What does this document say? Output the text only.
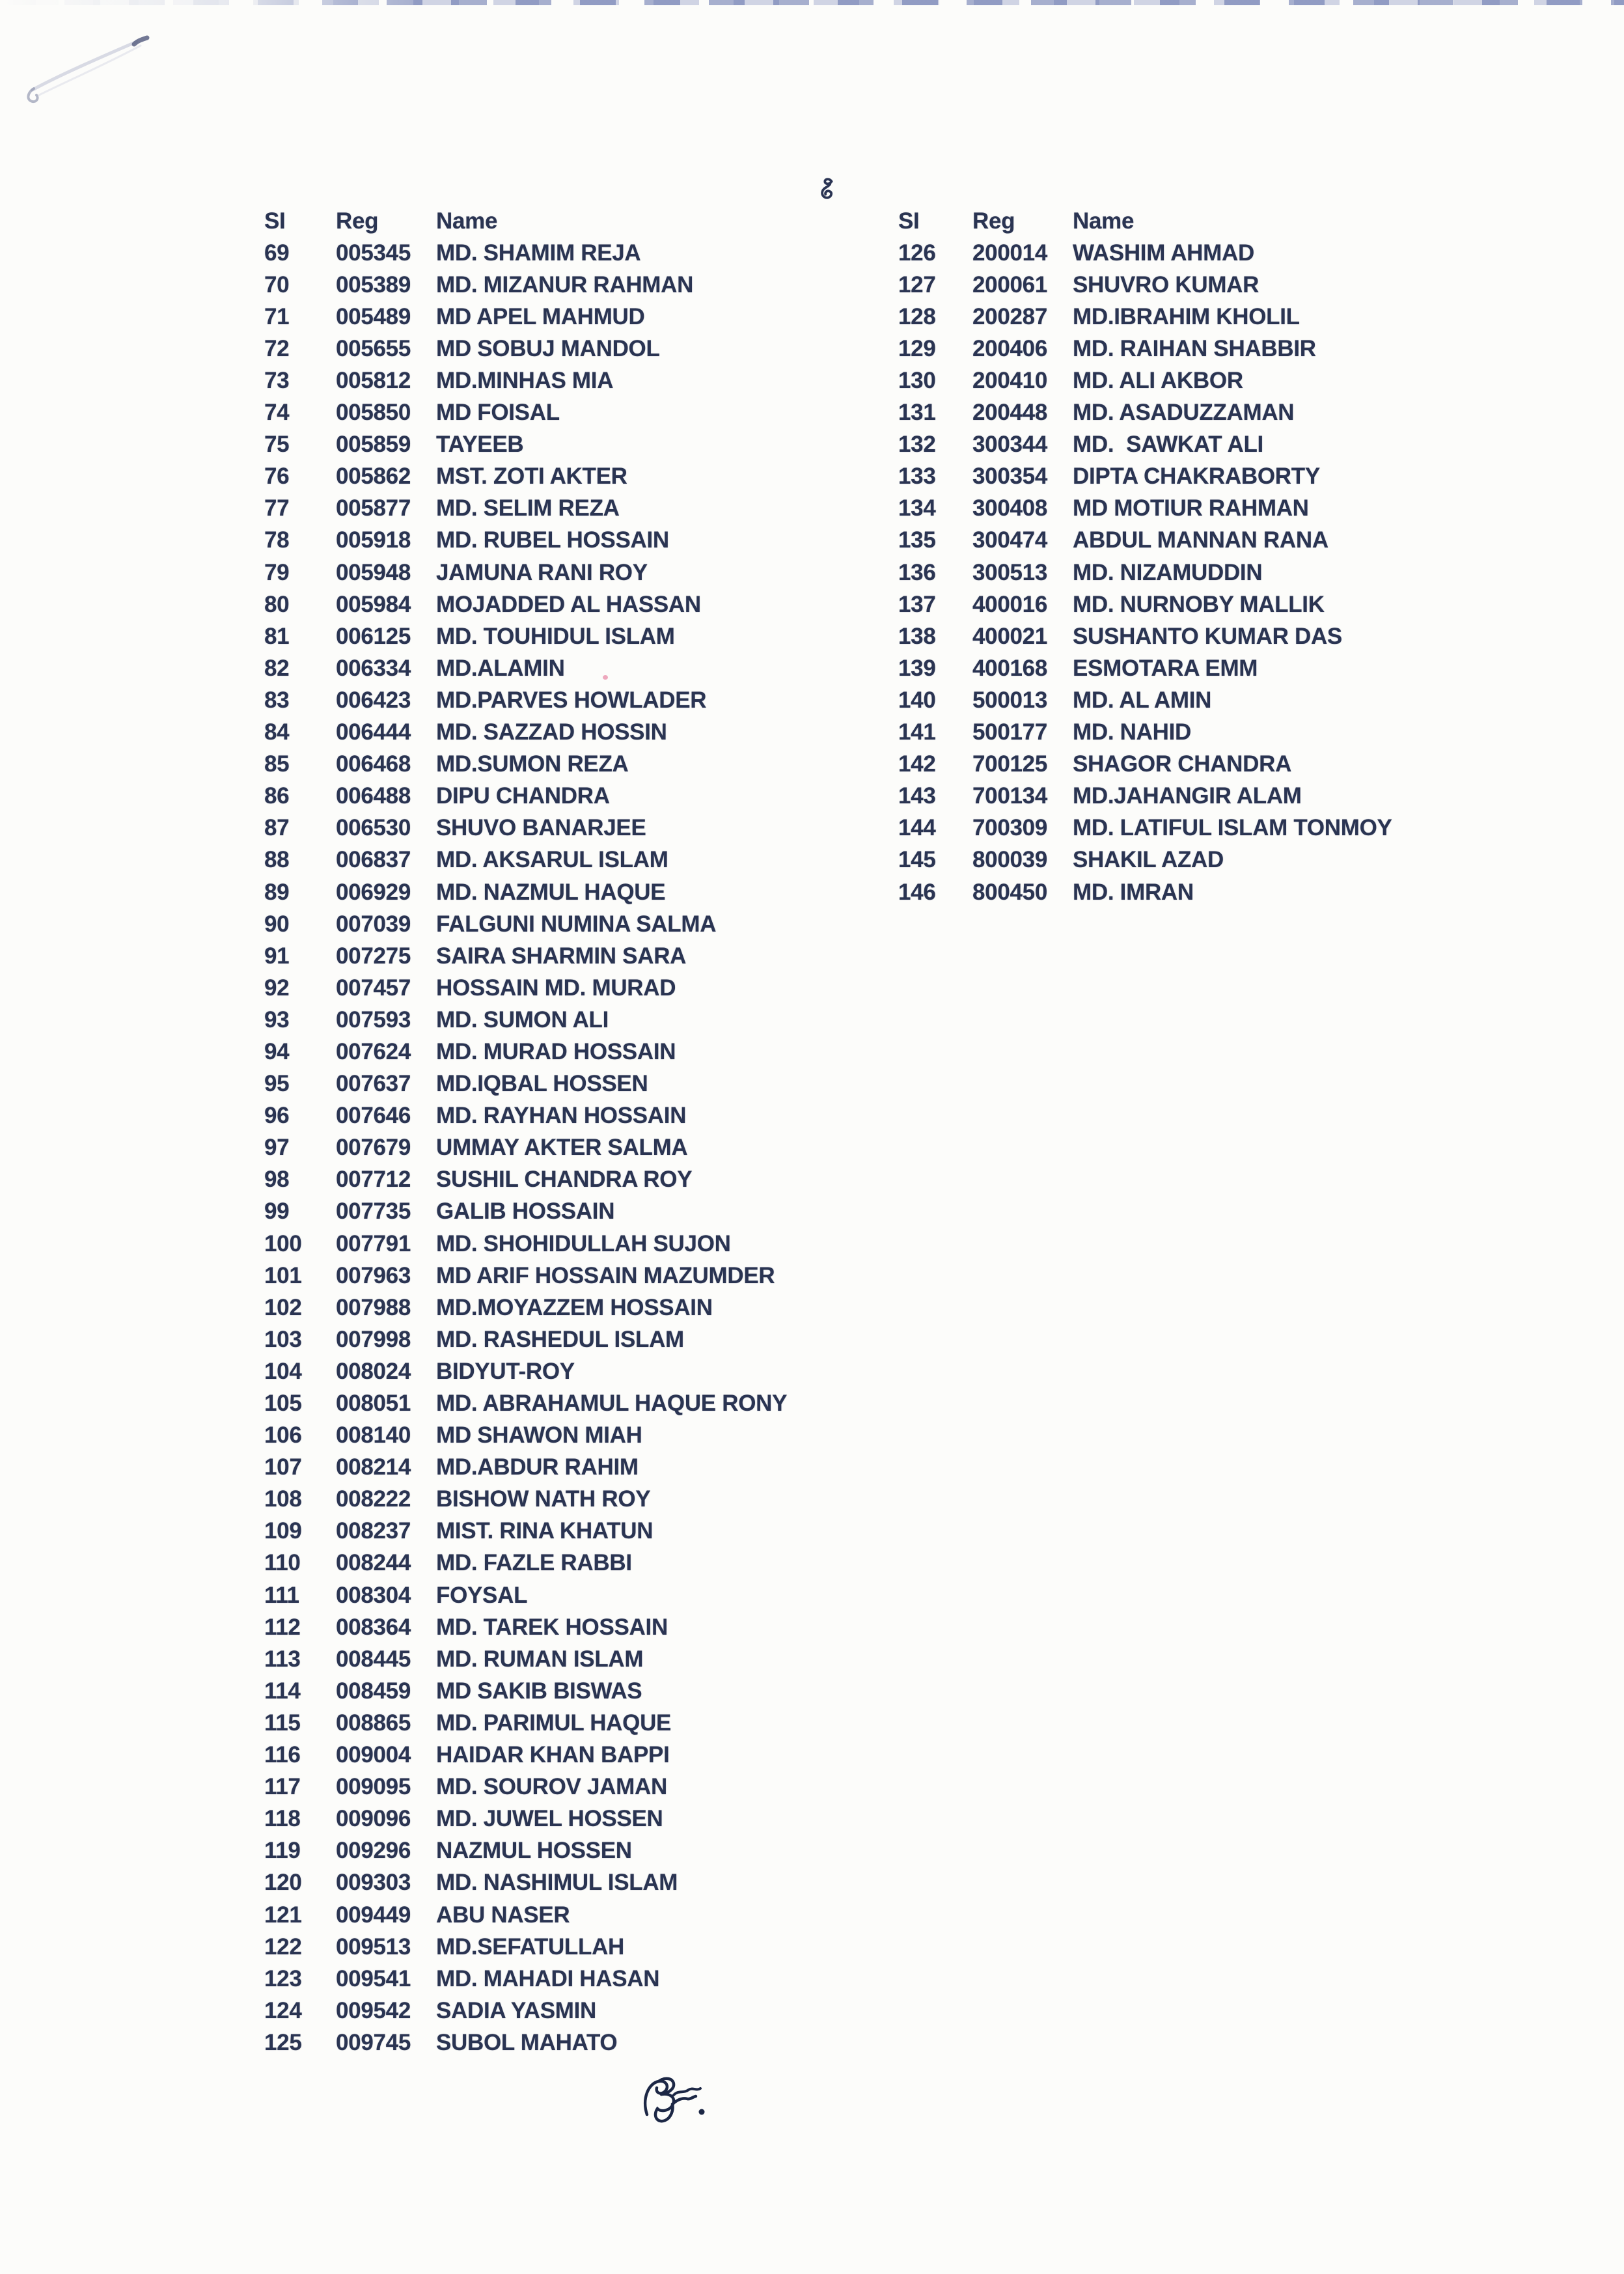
SI	Reg	Name
69	005345	MD. SHAMIM REJA
70	005389	MD. MIZANUR RAHMAN
71	005489	MD APEL MAHMUD
72	005655	MD SOBUJ MANDOL
73	005812	MD.MINHAS MIA
74	005850	MD FOISAL
75	005859	TAYEEB
76	005862	MST. ZOTI AKTER
77	005877	MD. SELIM REZA
78	005918	MD. RUBEL HOSSAIN
79	005948	JAMUNA RANI ROY
80	005984	MOJADDED AL HASSAN
81	006125	MD. TOUHIDUL ISLAM
82	006334	MD.ALAMIN
83	006423	MD.PARVES HOWLADER
84	006444	MD. SAZZAD HOSSIN
85	006468	MD.SUMON REZA
86	006488	DIPU CHANDRA
87	006530	SHUVO BANARJEE
88	006837	MD. AKSARUL ISLAM
89	006929	MD. NAZMUL HAQUE
90	007039	FALGUNI NUMINA SALMA
91	007275	SAIRA SHARMIN SARA
92	007457	HOSSAIN MD. MURAD
93	007593	MD. SUMON ALI
94	007624	MD. MURAD HOSSAIN
95	007637	MD.IQBAL HOSSEN
96	007646	MD. RAYHAN HOSSAIN
97	007679	UMMAY AKTER SALMA
98	007712	SUSHIL CHANDRA ROY
99	007735	GALIB HOSSAIN
100	007791	MD. SHOHIDULLAH SUJON
101	007963	MD ARIF HOSSAIN MAZUMDER
102	007988	MD.MOYAZZEM HOSSAIN
103	007998	MD. RASHEDUL ISLAM
104	008024	BIDYUT-ROY
105	008051	MD. ABRAHAMUL HAQUE RONY
106	008140	MD SHAWON MIAH
107	008214	MD.ABDUR RAHIM
108	008222	BISHOW NATH ROY
109	008237	MIST. RINA KHATUN
110	008244	MD. FAZLE RABBI
111	008304	FOYSAL
112	008364	MD. TAREK HOSSAIN
113	008445	MD. RUMAN ISLAM
114	008459	MD SAKIB BISWAS
115	008865	MD. PARIMUL HAQUE
116	009004	HAIDAR KHAN BAPPI
117	009095	MD. SOUROV JAMAN
118	009096	MD. JUWEL HOSSEN
119	009296	NAZMUL HOSSEN
120	009303	MD. NASHIMUL ISLAM
121	009449	ABU NASER
122	009513	MD.SEFATULLAH
123	009541	MD. MAHADI HASAN
124	009542	SADIA YASMIN
125	009745	SUBOL MAHATO
SI	Reg	Name
126	200014	WASHIM AHMAD
127	200061	SHUVRO KUMAR
128	200287	MD.IBRAHIM KHOLIL
129	200406	MD. RAIHAN SHABBIR
130	200410	MD. ALI AKBOR
131	200448	MD. ASADUZZAMAN
132	300344	MD.  SAWKAT ALI
133	300354	DIPTA CHAKRABORTY
134	300408	MD MOTIUR RAHMAN
135	300474	ABDUL MANNAN RANA
136	300513	MD. NIZAMUDDIN
137	400016	MD. NURNOBY MALLIK
138	400021	SUSHANTO KUMAR DAS
139	400168	ESMOTARA EMM
140	500013	MD. AL AMIN
141	500177	MD. NAHID
142	700125	SHAGOR CHANDRA
143	700134	MD.JAHANGIR ALAM
144	700309	MD. LATIFUL ISLAM TONMOY
145	800039	SHAKIL AZAD
146	800450	MD. IMRAN
